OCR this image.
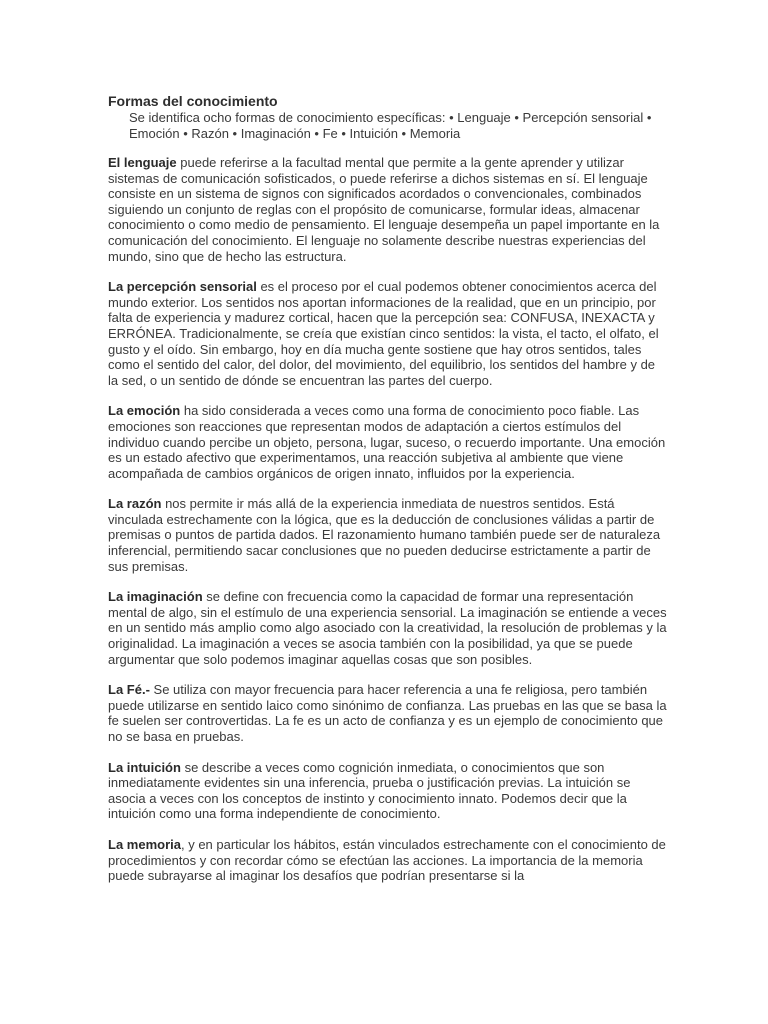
Formas del conocimiento

Se identifica ocho formas de conocimiento específicas: • Lenguaje • Percepción sensorial • Emoción • Razón • Imaginación • Fe • Intuición • Memoria

El lenguaje puede referirse a la facultad mental que permite a la gente aprender y utilizar sistemas de comunicación sofisticados, o puede referirse a dichos sistemas en sí. El lenguaje consiste en un sistema de signos con significados acordados o convencionales, combinados siguiendo un conjunto de reglas con el propósito de comunicarse, formular ideas, almacenar conocimiento o como medio de pensamiento. El lenguaje desempeña un papel importante en la comunicación del conocimiento. El lenguaje no solamente describe nuestras experiencias del mundo, sino que de hecho las estructura.

La percepción sensorial es el proceso por el cual podemos obtener conocimientos acerca del mundo exterior. Los sentidos nos aportan informaciones de la realidad, que en un principio, por falta de experiencia y madurez cortical, hacen que la percepción sea: CONFUSA, INEXACTA y ERRÓNEA. Tradicionalmente, se creía que existían cinco sentidos: la vista, el tacto, el olfato, el gusto y el oído. Sin embargo, hoy en día mucha gente sostiene que hay otros sentidos, tales como el sentido del calor, del dolor, del movimiento, del equilibrio, los sentidos del hambre y de la sed, o un sentido de dónde se encuentran las partes del cuerpo.

La emoción ha sido considerada a veces como una forma de conocimiento poco fiable. Las emociones son reacciones que representan modos de adaptación a ciertos estímulos del individuo cuando percibe un objeto, persona, lugar, suceso, o recuerdo importante. Una emoción es un estado afectivo que experimentamos, una reacción subjetiva al ambiente que viene acompañada de cambios orgánicos de origen innato, influidos por la experiencia.

La razón nos permite ir más allá de la experiencia inmediata de nuestros sentidos. Está vinculada estrechamente con la lógica, que es la deducción de conclusiones válidas a partir de premisas o puntos de partida dados. El razonamiento humano también puede ser de naturaleza inferencial, permitiendo sacar conclusiones que no pueden deducirse estrictamente a partir de sus premisas.

La imaginación se define con frecuencia como la capacidad de formar una representación mental de algo, sin el estímulo de una experiencia sensorial. La imaginación se entiende a veces en un sentido más amplio como algo asociado con la creatividad, la resolución de problemas y la originalidad. La imaginación a veces se asocia también con la posibilidad, ya que se puede argumentar que solo podemos imaginar aquellas cosas que son posibles.

La Fé.- Se utiliza con mayor frecuencia para hacer referencia a una fe religiosa, pero también puede utilizarse en sentido laico como sinónimo de confianza. Las pruebas en las que se basa la fe suelen ser controvertidas. La fe es un acto de confianza y es un ejemplo de conocimiento que no se basa en pruebas.

La intuición se describe a veces como cognición inmediata, o conocimientos que son inmediatamente evidentes sin una inferencia, prueba o justificación previas. La intuición se asocia a veces con los conceptos de instinto y conocimiento innato. Podemos decir que la intuición como una forma independiente de conocimiento.

La memoria, y en particular los hábitos, están vinculados estrechamente con el conocimiento de procedimientos y con recordar cómo se efectúan las acciones. La importancia de la memoria puede subrayarse al imaginar los desafíos que podrían presentarse si la
